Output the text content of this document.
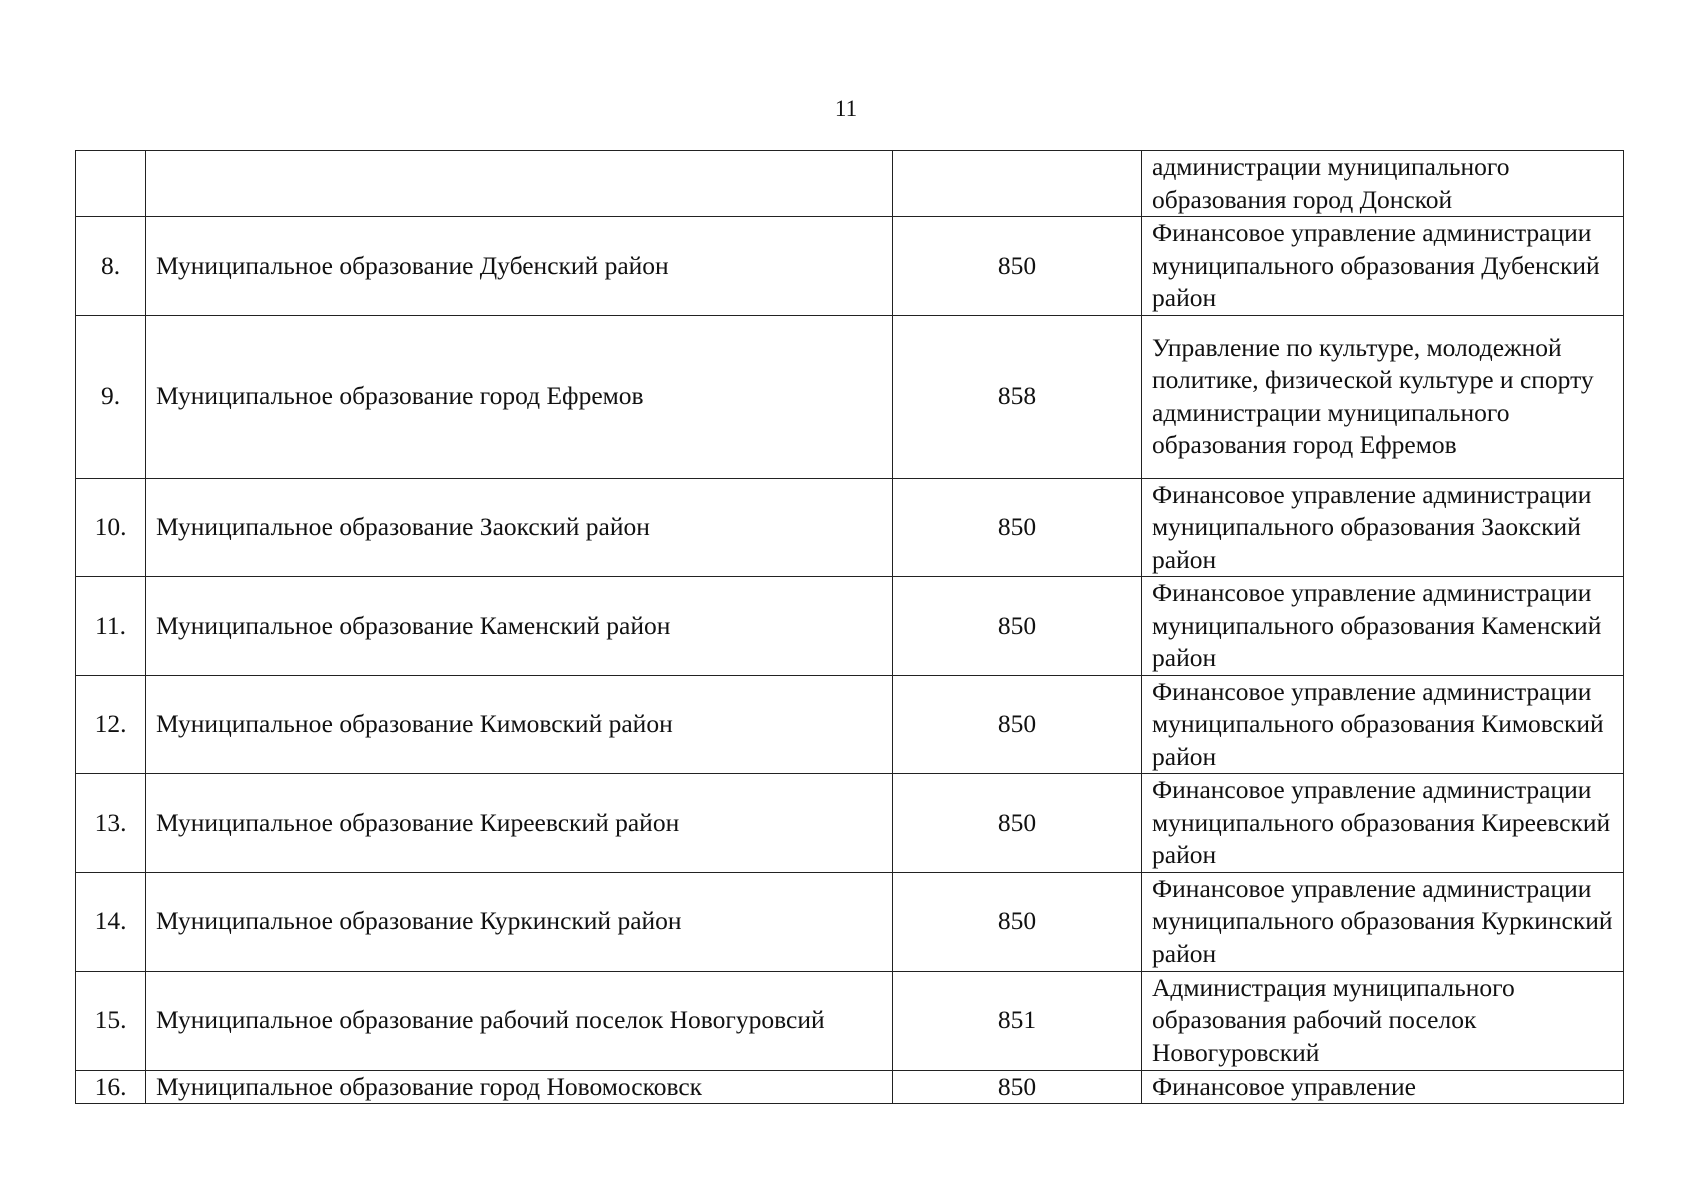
11

			администрации муниципального образования город Донской

8.	Муниципальное образование Дубенский район	850	Финансовое управление администрации муниципального образования Дубенский район

9.	Муниципальное образование город Ефремов	858	Управление по культуре, молодежной политике, физической культуре и спорту администрации муниципального образования город Ефремов

10.	Муниципальное образование Заокский район	850	Финансовое управление администрации муниципального образования Заокский район

11.	Муниципальное образование Каменский район	850	Финансовое управление администрации муниципального образования Каменский район

12.	Муниципальное образование Кимовский район	850	Финансовое управление администрации муниципального образования Кимовский район

13.	Муниципальное образование Киреевский район	850	Финансовое управление администрации муниципального образования Киреевский район

14.	Муниципальное образование Куркинский район	850	Финансовое управление администрации муниципального образования Куркинский район

15.	Муниципальное образование рабочий поселок Новогуровсий	851	Администрация муниципального образования рабочий поселок Новогуровский

16.	Муниципальное образование город Новомосковск	850	Финансовое управление
